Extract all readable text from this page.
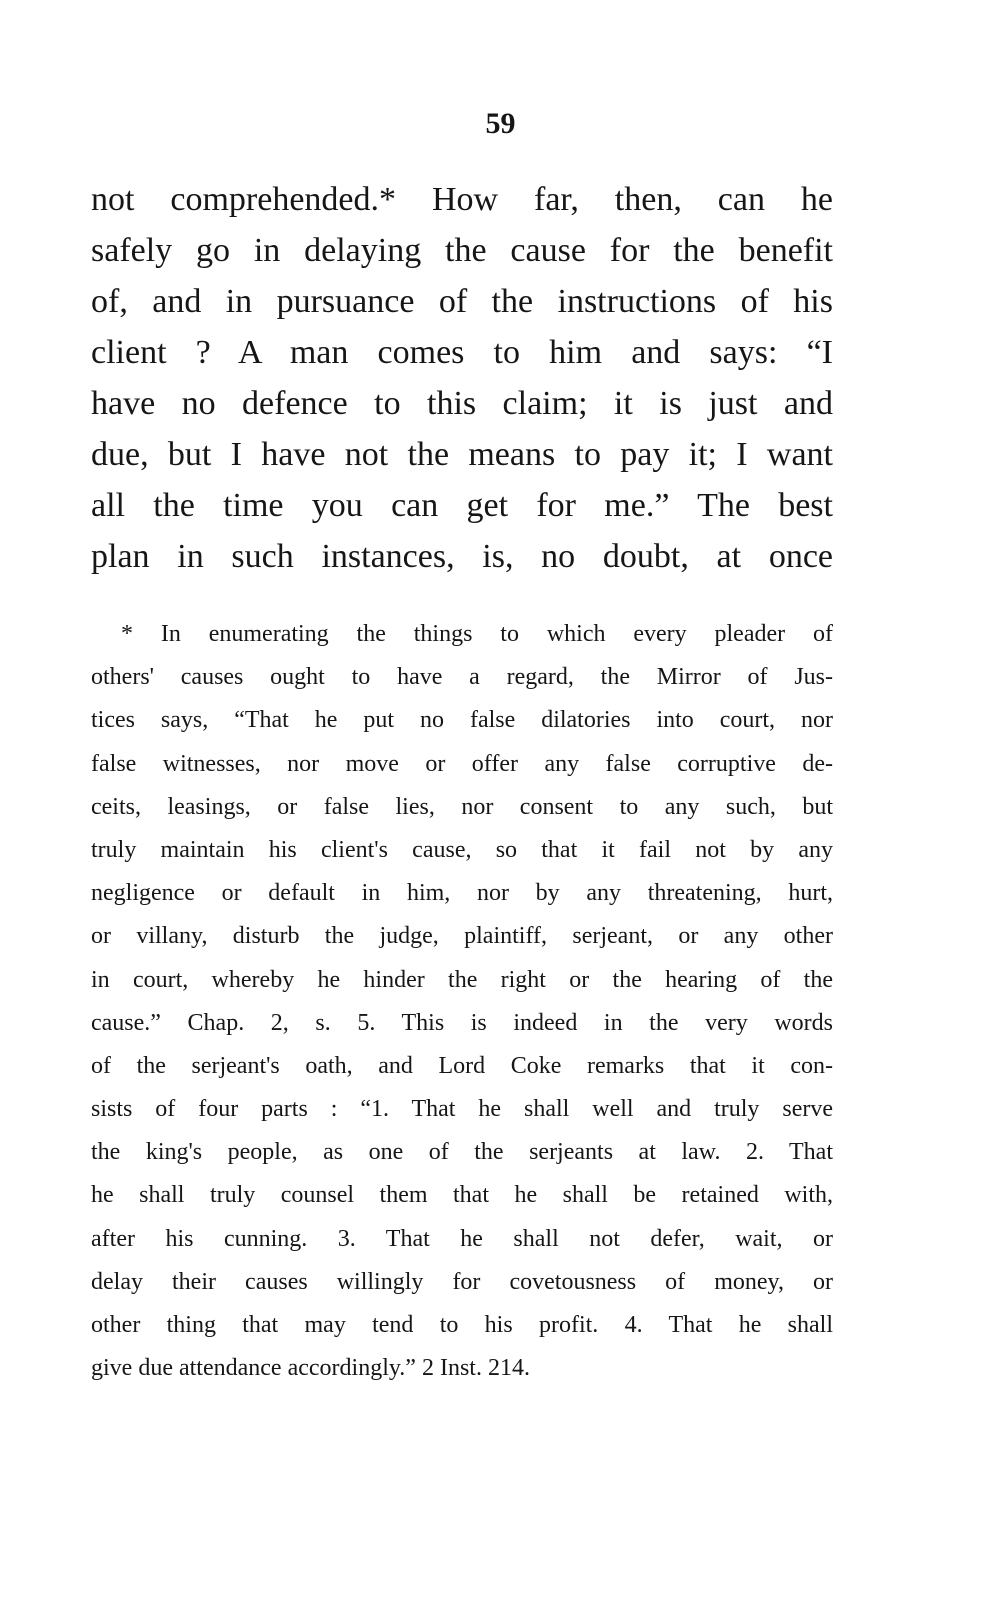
59
not comprehended.* How far, then, can he
safely go in delaying the cause for the benefit
of, and in pursuance of the instructions of his
client ? A man comes to him and says: “I
have no defence to this claim; it is just and
due, but I have not the means to pay it; I want
all the time you can get for me.” The best
plan in such instances, is, no doubt, at once
* In enumerating the things to which every pleader of
others' causes ought to have a regard, the Mirror of Jus-
tices says, “That he put no false dilatories into court, nor
false witnesses, nor move or offer any false corruptive de-
ceits, leasings, or false lies, nor consent to any such, but
truly maintain his client's cause, so that it fail not by any
negligence or default in him, nor by any threatening, hurt,
or villany, disturb the judge, plaintiff, serjeant, or any other
in court, whereby he hinder the right or the hearing of the
cause.” Chap. 2, s. 5. This is indeed in the very words
of the serjeant's oath, and Lord Coke remarks that it con-
sists of four parts : “1. That he shall well and truly serve
the king's people, as one of the serjeants at law. 2. That
he shall truly counsel them that he shall be retained with,
after his cunning. 3. That he shall not defer, wait, or
delay their causes willingly for covetousness of money, or
other thing that may tend to his profit. 4. That he shall
give due attendance accordingly.” 2 Inst. 214.
